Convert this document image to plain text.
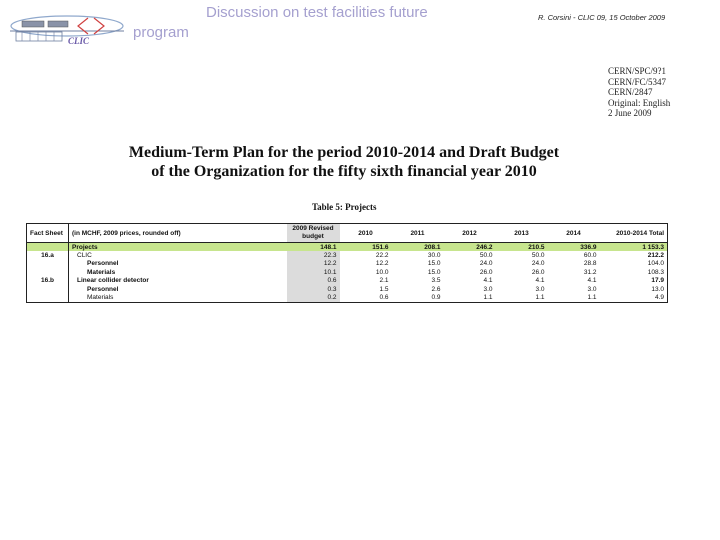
CLIC
Discussion on test facilities future
program
R. Corsini - CLIC 09, 15 October 2009
CERN/SPC/9?1
CERN/FC/5347
CERN/2847
Original: English
2 June 2009
Medium-Term Plan for the period 2010-2014 and Draft Budget
of the Organization for the fifty sixth financial year 2010
Table 5: Projects
Fact Sheet	(in MCHF, 2009 prices, rounded off)	2009 Revised
budget	2010	2011	2012	2013	2014	2010-2014 Total
	Projects	148.1	151.6	208.1	246.2	210.5	336.9	1 153.3
16.a	CLIC	22.3	22.2	30.0	50.0	50.0	60.0	212.2
	Personnel	12.2	12.2	15.0	24.0	24.0	28.8	104.0
	Materials	10.1	10.0	15.0	26.0	26.0	31.2	108.3
16.b	Linear collider detector	0.6	2.1	3.5	4.1	4.1	4.1	17.9
	Personnel	0.3	1.5	2.6	3.0	3.0	3.0	13.0
	Materials	0.2	0.6	0.9	1.1	1.1	1.1	4.9
